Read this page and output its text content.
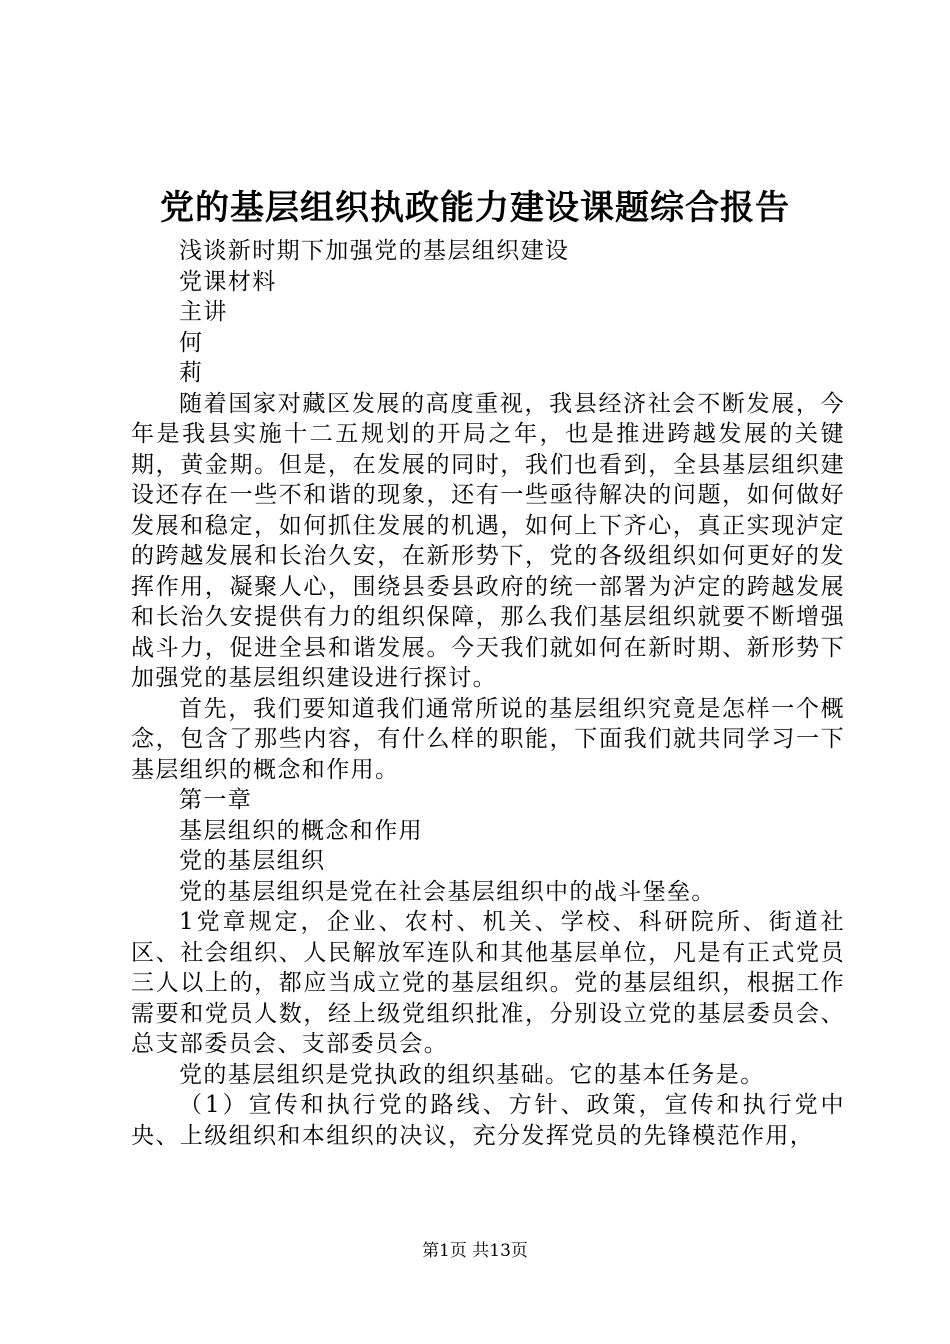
党的基层组织执政能力建设课题综合报告

浅谈新时期下加强党的基层组织建设

党课材料

主讲

何

莉

随着国家对藏区发展的高度重视，我县经济社会不断发展，今年是我县实施十二五规划的开局之年，也是推进跨越发展的关键期，黄金期。但是，在发展的同时，我们也看到，全县基层组织建设还存在一些不和谐的现象，还有一些亟待解决的问题，如何做好发展和稳定，如何抓住发展的机遇，如何上下齐心，真正实现泸定的跨越发展和长治久安，在新形势下，党的各级组织如何更好的发挥作用，凝聚人心，围绕县委县政府的统一部署为泸定的跨越发展和长治久安提供有力的组织保障，那么我们基层组织就要不断增强战斗力，促进全县和谐发展。今天我们就如何在新时期、新形势下加强党的基层组织建设进行探讨。

首先，我们要知道我们通常所说的基层组织究竟是怎样一个概念，包含了那些内容，有什么样的职能，下面我们就共同学习一下基层组织的概念和作用。

第一章

基层组织的概念和作用

党的基层组织

党的基层组织是党在社会基层组织中的战斗堡垒。

1党章规定，企业、农村、机关、学校、科研院所、街道社区、社会组织、人民解放军连队和其他基层单位，凡是有正式党员三人以上的，都应当成立党的基层组织。党的基层组织，根据工作需要和党员人数，经上级党组织批准，分别设立党的基层委员会、总支部委员会、支部委员会。

党的基层组织是党执政的组织基础。它的基本任务是。

（1）宣传和执行党的路线、方针、政策，宣传和执行党中央、上级组织和本组织的决议，充分发挥党员的先锋模范作用，

第1页 共13页
